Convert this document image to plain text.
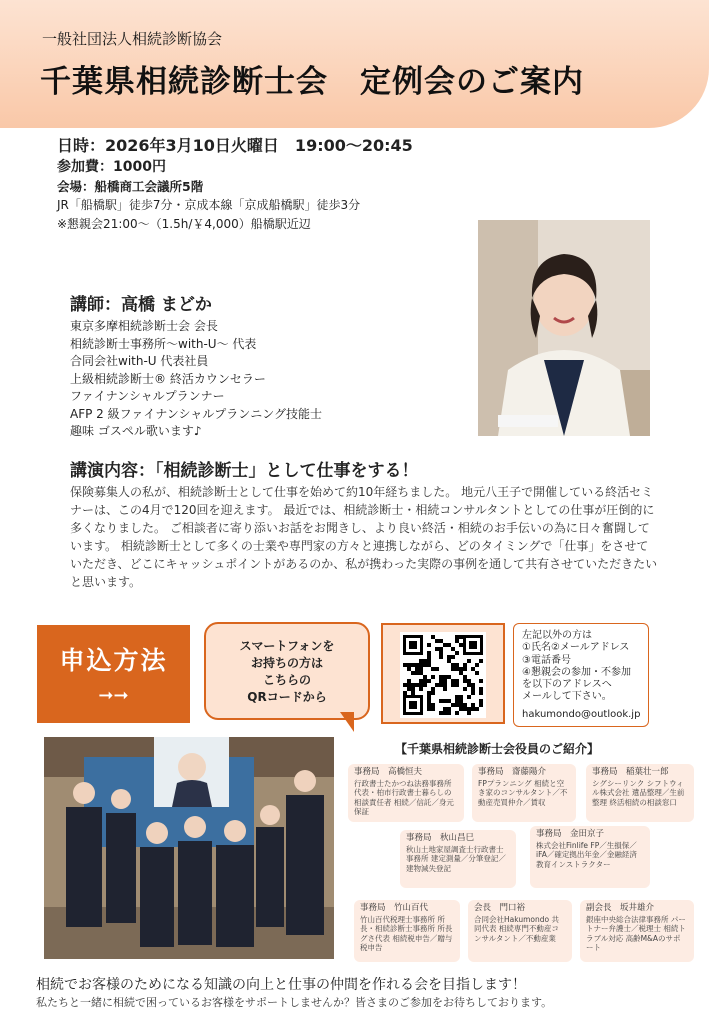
一般社団法人相続診断協会
千葉県相続診断士会　定例会のご案内
日時：2026年3月10日火曜日　19:00～20:45
参加費：1000円
会場：船橋商工会議所5階
JR「船橋駅」徒歩7分・京成本線「京成船橋駅」徒歩3分
※懇親会21:00～（1.5h/￥4,000）船橋駅近辺
講師：高橋 まどか
東京多摩相続診断士会 会長
相続診断士事務所～with-U～ 代表
合同会社with-U 代表社員
上級相続診断士® 終活カウンセラー
ファイナンシャルプランナー
AFP 2 級ファイナンシャルプランニング技能士
趣味 ゴスペル歌います♪
講演内容：「相続診断士」として仕事をする！
保険募集人の私が、相続診断士として仕事を始めて約10年経ちました。 地元八王子で開催している終活セミナーは、この4月で120回を迎えます。 最近では、相続診断士・相続コンサルタントとしての仕事が圧倒的に多くなりました。 ご相談者に寄り添いお話をお聞きし、より良い終活・相続のお手伝いの為に日々奮闘しています。 相続診断士として多くの士業や専門家の方々と連携しながら、どのタイミングで「仕事」をさせていただき、どこにキャッシュポイントがあるのか、私が携わった実際の事例を通して共有させていただきたいと思います。
申込方法
➞➞
スマートフォンを
お持ちの方は
こちらの
QRコードから
左記以外の方は
①氏名②メールアドレス
③電話番号
④懇親会の参加・不参加
を以下のアドレスへ
メールして下さい。
hakumondo@outlook.jp
【千葉県相続診断士会役員のご紹介】
事務局　高橋恒夫
行政書士たかつね法務事務所代表・柏市行政書士暮らしの相談責任者 相続／信託／身元保証
事務局　齋藤陽介
FPプランニング 相続と空き家のコンサルタント／不動産売買仲介／賃収
事務局　稲葉壮一郎
シグシーリンク シフトウィル株式会社 遺品整理／生前整理 終活相続の相談窓口
事務局　秋山昌巳
秋山土地家屋調査士行政書士事務所 建定測量／分筆登記／建物減失登記
事務局　金田京子
株式会社Finlife FP／生損保／iFA／確定拠出年金／金融経済教育インストラクター
事務局　竹山百代
竹山百代税理士事務所 所長・相続診断士事務所 所長グさ代表 相続税申告／贈与税申告
会長　門口裕
合同会社Hakumondo 共同代表 相続専門不動産コンサルタント／不動産業
副会長　坂井雄介
銀座中央総合法律事務所 パートナー弁護士／税理士 相続トラブル対応 高齢M&Aのサポート
相続でお客様のためになる知識の向上と仕事の仲間を作れる会を目指します！
私たちと一緒に相続で困っているお客様をサポートしませんか？皆さまのご参加をお待ちしております。
